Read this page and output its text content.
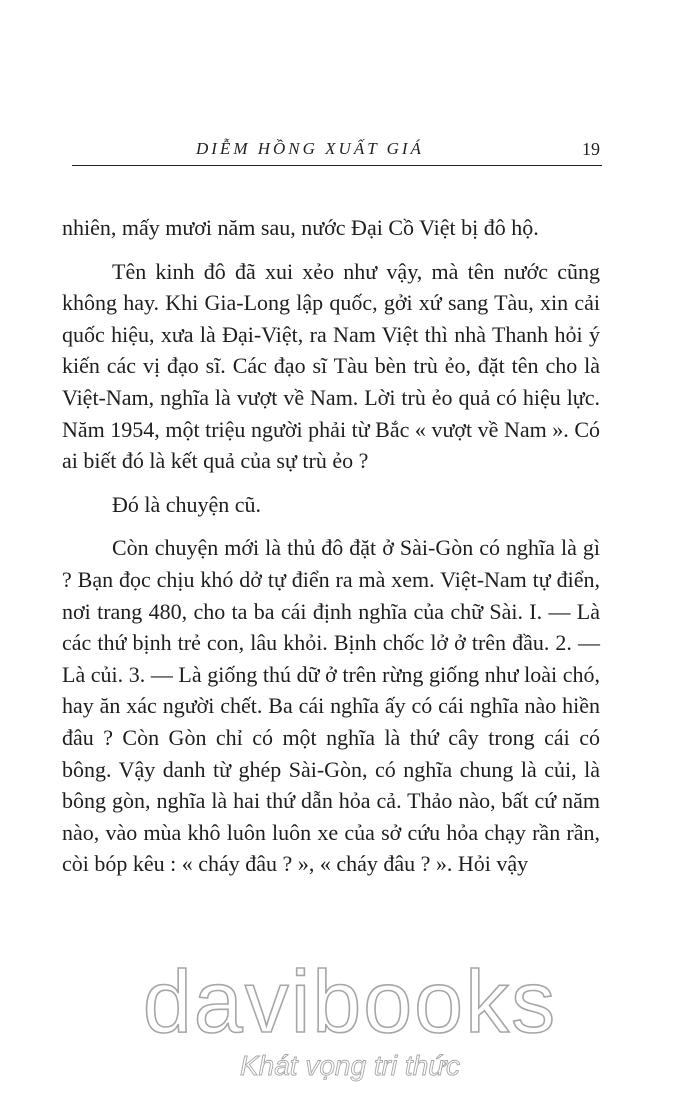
DIỄM HỒNG XUẤT GIÁ	19

nhiên, mấy mươi năm sau, nước Đại Cồ Việt bị đô hộ.

Tên kinh đô đã xui xẻo như vậy, mà tên nước cũng không hay. Khi Gia-Long lập quốc, gởi xứ sang Tàu, xin cải quốc hiệu, xưa là Đại-Việt, ra Nam Việt thì nhà Thanh hỏi ý kiến các vị đạo sĩ. Các đạo sĩ Tàu bèn trù ẻo, đặt tên cho là Việt-Nam, nghĩa là vượt về Nam. Lời trù ẻo quả có hiệu lực. Năm 1954, một triệu người phải từ Bắc « vượt về Nam ». Có ai biết đó là kết quả của sự trù ẻo ?

Đó là chuyện cũ.

Còn chuyện mới là thủ đô đặt ở Sài-Gòn có nghĩa là gì ? Bạn đọc chịu khó dở tự điển ra mà xem. Việt-Nam tự điển, nơi trang 480, cho ta ba cái định nghĩa của chữ Sài. I. — Là các thứ bịnh trẻ con, lâu khỏi. Bịnh chốc lở ở trên đầu. 2. — Là củi. 3. — Là giống thú dữ ở trên rừng giống như loài chó, hay ăn xác người chết. Ba cái nghĩa ấy có cái nghĩa nào hiền đâu ? Còn Gòn chỉ có một nghĩa là thứ cây trong cái có bông. Vậy danh từ ghép Sài-Gòn, có nghĩa chung là củi, là bông gòn, nghĩa là hai thứ dẫn hỏa cả. Thảo nào, bất cứ năm nào, vào mùa khô luôn luôn xe của sở cứu hỏa chạy rần rần, còi bóp kêu : « cháy đâu ? », « cháy đâu ? ». Hỏi vậy

davibooks
Khát vọng tri thức
